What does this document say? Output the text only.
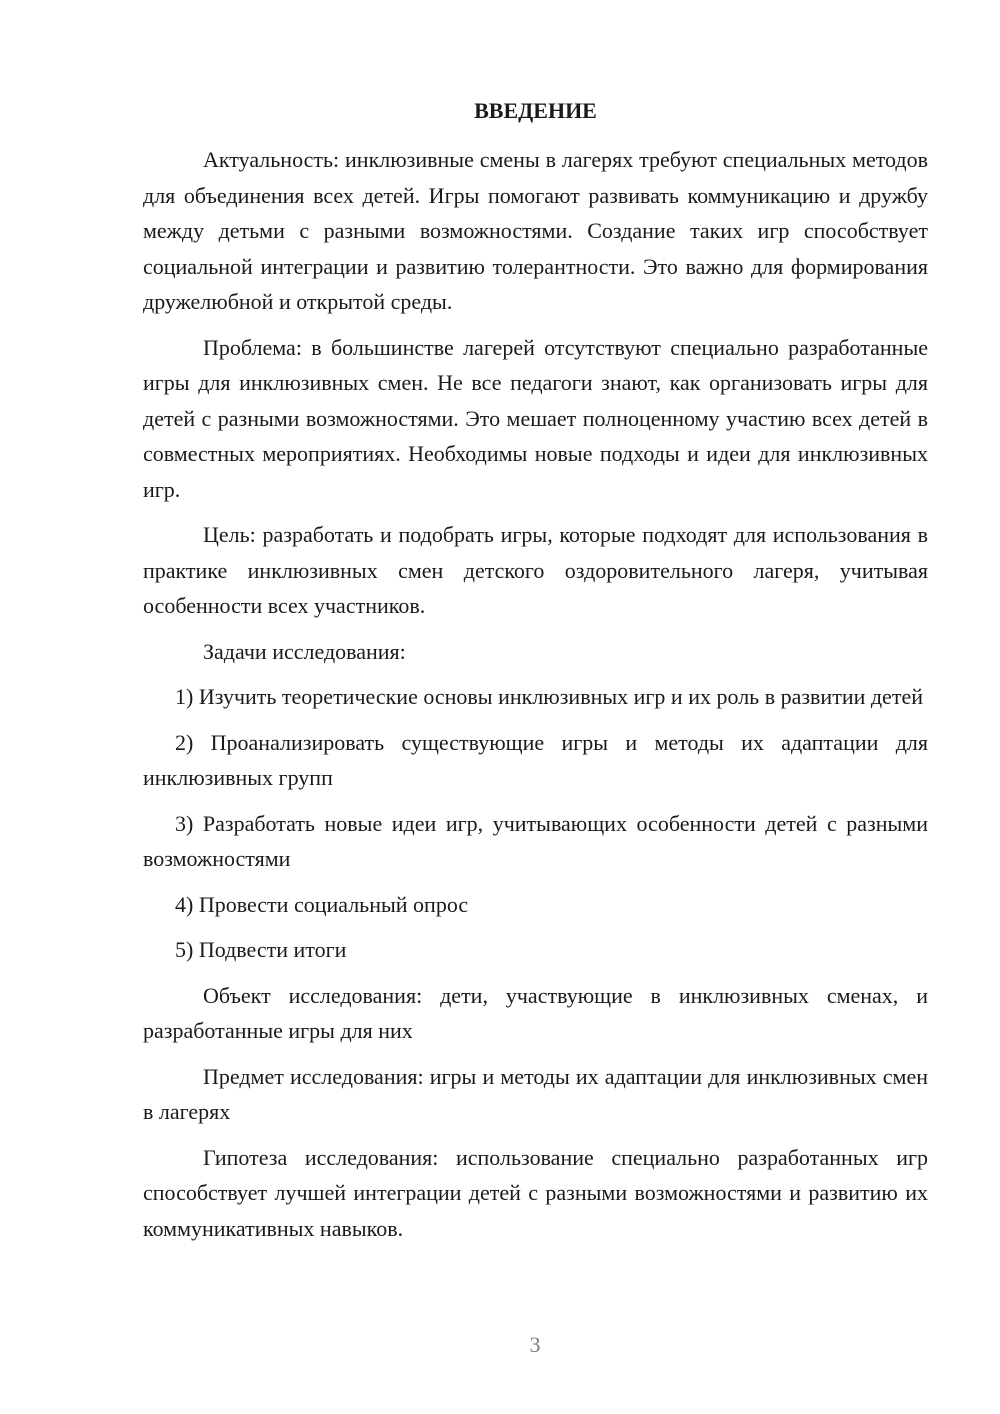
ВВЕДЕНИЕ

Актуальность: инклюзивные смены в лагерях требуют специальных методов для объединения всех детей. Игры помогают развивать коммуникацию и дружбу между детьми с разными возможностями. Создание таких игр способствует социальной интеграции и развитию толерантности. Это важно для формирования дружелюбной и открытой среды.

Проблема: в большинстве лагерей отсутствуют специально разработанные игры для инклюзивных смен. Не все педагоги знают, как организовать игры для детей с разными возможностями. Это мешает полноценному участию всех детей в совместных мероприятиях. Необходимы новые подходы и идеи для инклюзивных игр.

Цель: разработать и подобрать игры, которые подходят для использования в практике инклюзивных смен детского оздоровительного лагеря, учитывая особенности всех участников.

Задачи исследования:

1) Изучить теоретические основы инклюзивных игр и их роль в развитии детей

2) Проанализировать существующие игры и методы их адаптации для инклюзивных групп

3) Разработать новые идеи игр, учитывающих особенности детей с разными возможностями

4) Провести социальный опрос

5) Подвести итоги

Объект исследования: дети, участвующие в инклюзивных сменах, и разработанные игры для них

Предмет исследования: игры и методы их адаптации для инклюзивных смен в лагерях

Гипотеза исследования: использование специально разработанных игр способствует лучшей интеграции детей с разными возможностями и развитию их коммуникативных навыков.

3
